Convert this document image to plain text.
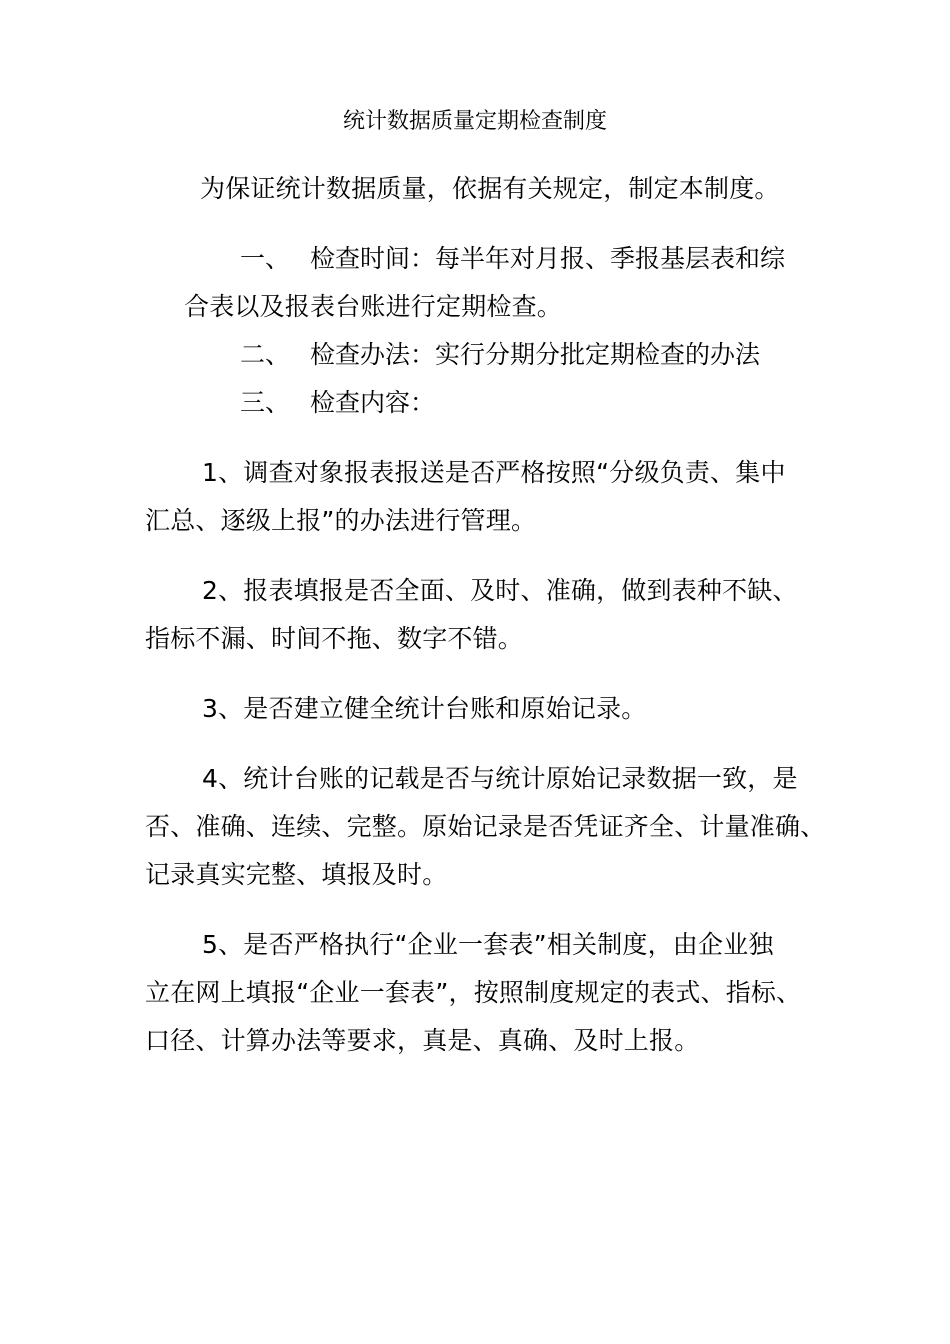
统计数据质量定期检查制度
为保证统计数据质量，依据有关规定，制定本制度。
一、 检查时间：每半年对月报、季报基层表和综
合表以及报表台账进行定期检查。
二、 检查办法：实行分期分批定期检查的办法
三、 检查内容：
1、调查对象报表报送是否严格按照“分级负责、集中
汇总、逐级上报”的办法进行管理。
2、报表填报是否全面、及时、准确，做到表种不缺、
指标不漏、时间不拖、数字不错。
3、是否建立健全统计台账和原始记录。
4、统计台账的记载是否与统计原始记录数据一致，是
否、准确、连续、完整。原始记录是否凭证齐全、计量准确、
记录真实完整、填报及时。
5、是否严格执行“企业一套表”相关制度，由企业独
立在网上填报“企业一套表”，按照制度规定的表式、指标、
口径、计算办法等要求，真是、真确、及时上报。
